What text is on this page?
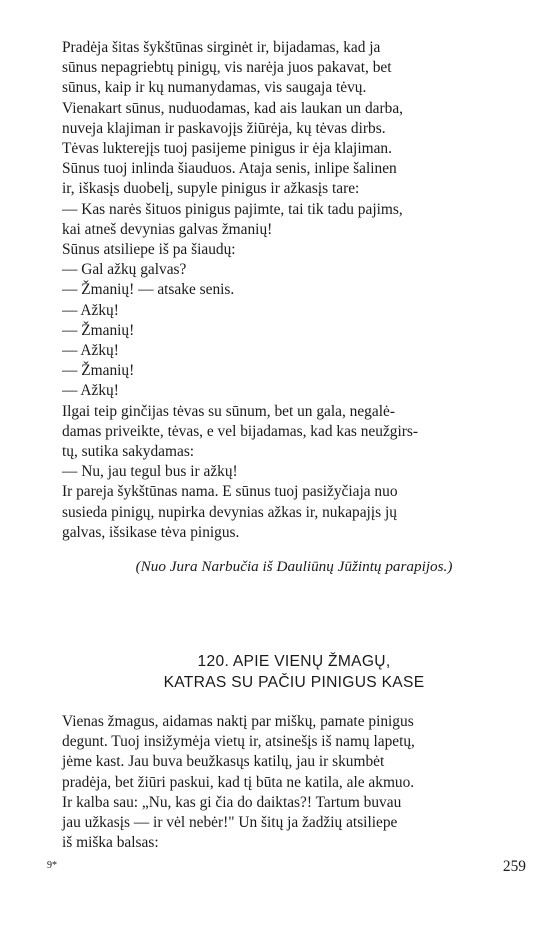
Pradėja šitas šykštūnas sirginėt ir, bijadamas, kad ja

sūnus nepagriebtų pinigų, vis narėja juos pakavat, bet

sūnus, kaip ir kų numanydamas, vis saugaja tėvų.

Vienakart sūnus, nuduodamas, kad ais laukan un darba,

nuveja klajiman ir paskavojįs žiūrėja, kų tėvas dirbs.

Tėvas lukterejįs tuoj pasijeme pinigus ir ėja klajiman.

Sūnus tuoj inlinda šiauduos. Ataja senis, inlipe šalinen

ir, iškasįs duobelį, supyle pinigus ir ažkasįs tare:

— Kas narės šituos pinigus pajimte, tai tik tadu pajims,

kai atneš devynias galvas žmanių!

Sūnus atsiliepe iš pa šiaudų:

— Gal ažkų galvas?

— Žmanių! — atsake senis.

— Ažkų!

— Žmanių!

— Ažkų!

— Žmanių!

— Ažkų!

Ilgai teip ginčijas tėvas su sūnum, bet un gala, negalė-

damas priveikte, tėvas, e vel bijadamas, kad kas neužgirs-

tų, sutika sakydamas:

— Nu, jau tegul bus ir ažkų!

Ir pareja šykštūnas nama. E sūnus tuoj pasižyčiaja nuo

susieda pinigų, nupirka devynias ažkas ir, nukapajįs jų

galvas, išsikase tėva pinigus.

(Nuo Jura Narbučia iš Dauliūnų Jūžintų parapijos.)

120. APIE VIENŲ ŽMAGŲ,
KATRAS SU PAČIU PINIGUS KASE

Vienas žmagus, aidamas naktį par miškų, pamate pinigus

degunt. Tuoj insižymėja vietų ir, atsinešįs iš namų lapetų,

jėme kast. Jau buva beužkasųs katilų, jau ir skumbėt

pradėja, bet žiūri paskui, kad tį būta ne katila, ale akmuo.

Ir kalba sau: „Nu, kas gi čia do daiktas?! Tartum buvau

jau užkasįs — ir vėl nebėr!" Un šitų ja žadžių atsiliepe

iš miška balsas:

9*	259
